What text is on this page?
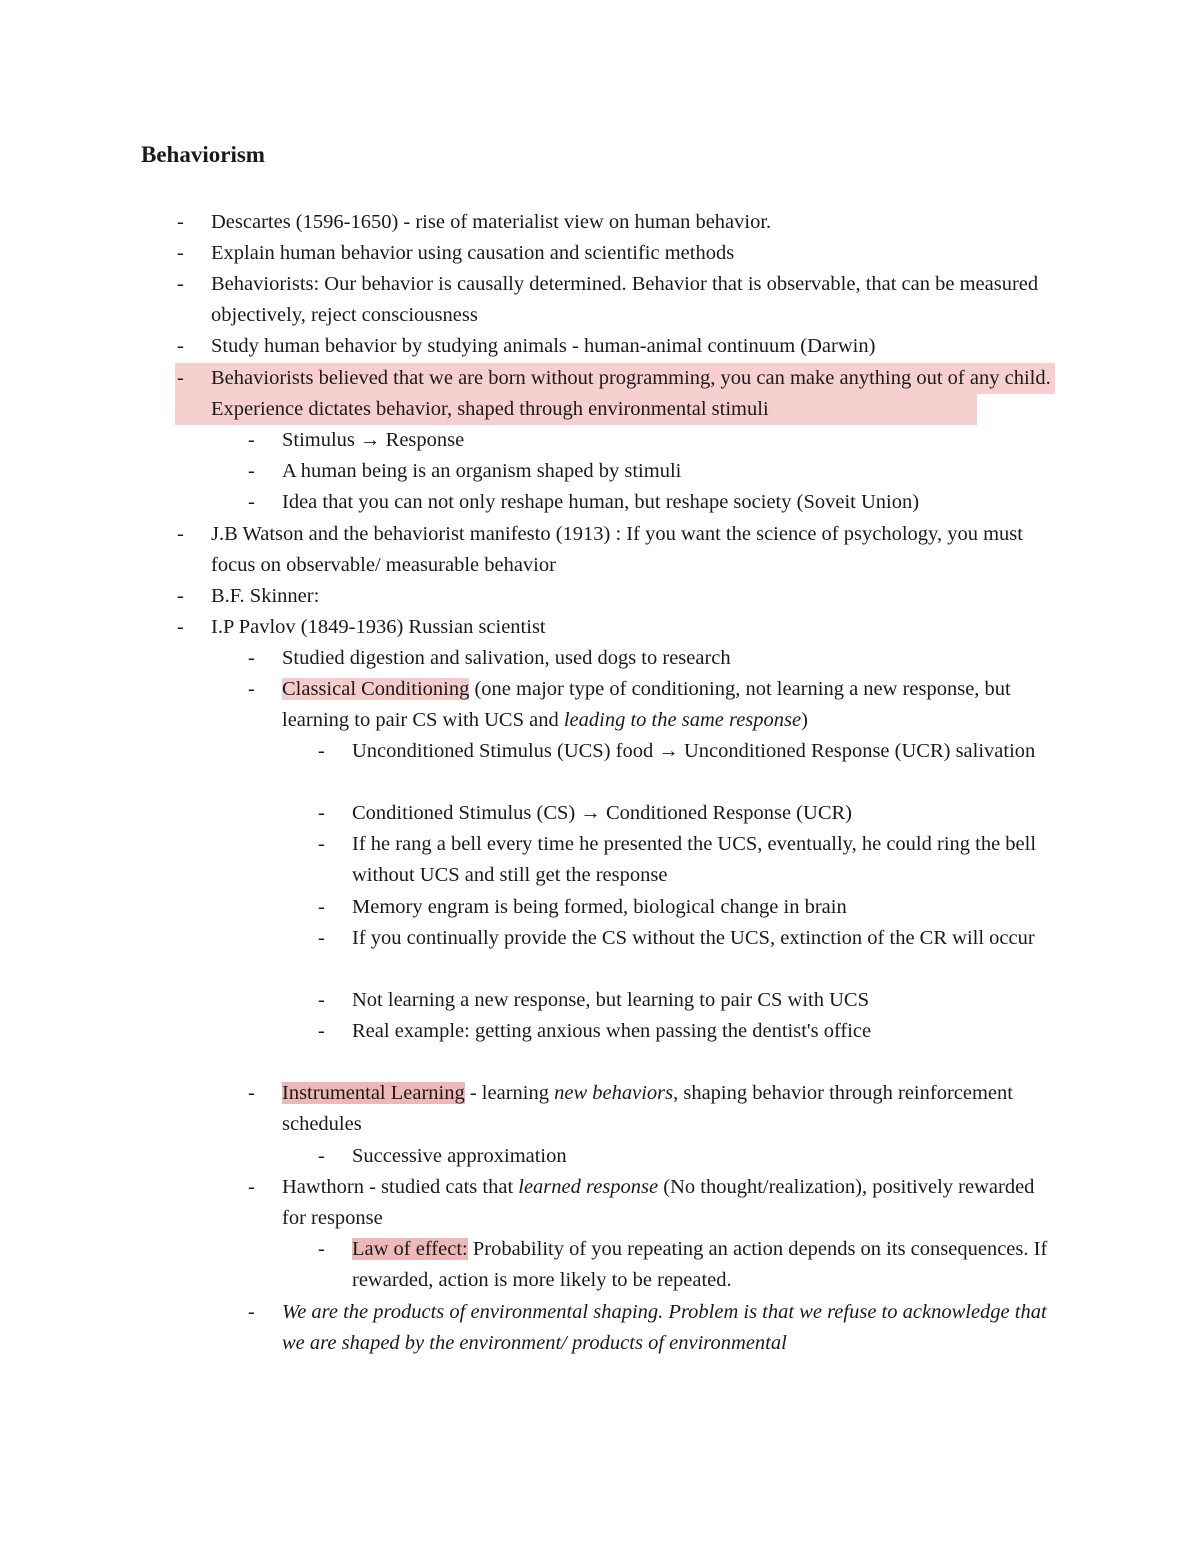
Behaviorism
- Descartes (1596-1650) - rise of materialist view on human behavior.
- Explain human behavior using causation and scientific methods
- Behaviorists: Our behavior is causally determined. Behavior that is observable, that can be measured objectively, reject consciousness
- Study human behavior by studying animals - human-animal continuum (Darwin)
- Behaviorists believed that we are born without programming, you can make anything out of any child. Experience dictates behavior, shaped through environmental stimuli
- Stimulus → Response
- A human being is an organism shaped by stimuli
- Idea that you can not only reshape human, but reshape society (Soveit Union)
- J.B Watson and the behaviorist manifesto (1913) : If you want the science of psychology, you must focus on observable/ measurable behavior
- B.F. Skinner:
- I.P Pavlov (1849-1936) Russian scientist
- Studied digestion and salivation, used dogs to research
- Classical Conditioning (one major type of conditioning, not learning a new response, but learning to pair CS with UCS and leading to the same response)
- Unconditioned Stimulus (UCS) food → Unconditioned Response (UCR) salivation
- Conditioned Stimulus (CS) → Conditioned Response (UCR)
- If he rang a bell every time he presented the UCS, eventually, he could ring the bell without UCS and still get the response
- Memory engram is being formed, biological change in brain
- If you continually provide the CS without the UCS, extinction of the CR will occur
- Not learning a new response, but learning to pair CS with UCS
- Real example: getting anxious when passing the dentist's office
- Instrumental Learning - learning new behaviors, shaping behavior through reinforcement schedules
- Successive approximation
- Hawthorn - studied cats that learned response (No thought/realization), positively rewarded for response
- Law of effect: Probability of you repeating an action depends on its consequences. If rewarded, action is more likely to be repeated.
- We are the products of environmental shaping. Problem is that we refuse to acknowledge that we are shaped by the environment/ products of environmental
